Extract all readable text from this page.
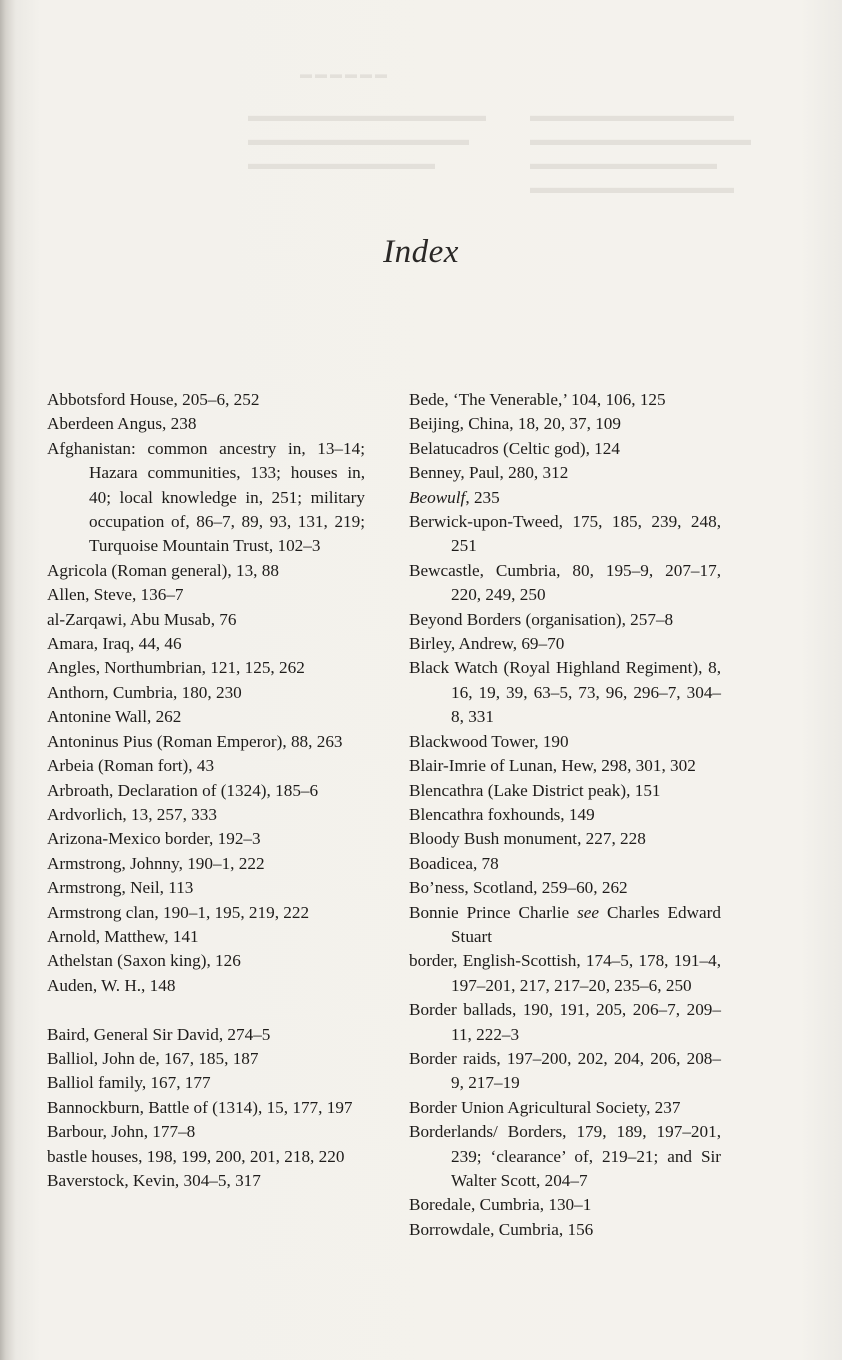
▬▬▬▬▬▬
▬▬▬▬▬▬▬▬▬▬▬▬▬▬
▬▬▬▬▬▬▬▬▬▬▬▬▬
▬▬▬▬▬▬▬▬▬▬▬
▬▬▬▬▬▬▬▬▬▬▬▬
▬▬▬▬▬▬▬▬▬▬▬▬▬
▬▬▬▬▬▬▬▬▬▬▬
▬▬▬▬▬▬▬▬▬▬▬▬
Index
Abbotsford House, 205–6, 252
Aberdeen Angus, 238
Afghanistan: common ancestry in, 13–14; Hazara communities, 133; houses in, 40; local knowledge in, 251; military occupation of, 86–7, 89, 93, 131, 219; Turquoise Mountain Trust, 102–3
Agricola (Roman general), 13, 88
Allen, Steve, 136–7
al-Zarqawi, Abu Musab, 76
Amara, Iraq, 44, 46
Angles, Northumbrian, 121, 125, 262
Anthorn, Cumbria, 180, 230
Antonine Wall, 262
Antoninus Pius (Roman Emperor), 88, 263
Arbeia (Roman fort), 43
Arbroath, Declaration of (1324), 185–6
Ardvorlich, 13, 257, 333
Arizona-Mexico border, 192–3
Armstrong, Johnny, 190–1, 222
Armstrong, Neil, 113
Armstrong clan, 190–1, 195, 219, 222
Arnold, Matthew, 141
Athelstan (Saxon king), 126
Auden, W. H., 148
Baird, General Sir David, 274–5
Balliol, John de, 167, 185, 187
Balliol family, 167, 177
Bannockburn, Battle of (1314), 15, 177, 197
Barbour, John, 177–8
bastle houses, 198, 199, 200, 201, 218, 220
Baverstock, Kevin, 304–5, 317
Bede, ‘The Venerable,’ 104, 106, 125
Beijing, China, 18, 20, 37, 109
Belatucadros (Celtic god), 124
Benney, Paul, 280, 312
Beowulf, 235
Berwick-upon-Tweed, 175, 185, 239, 248, 251
Bewcastle, Cumbria, 80, 195–9, 207–17, 220, 249, 250
Beyond Borders (organisation), 257–8
Birley, Andrew, 69–70
Black Watch (Royal Highland Regiment), 8, 16, 19, 39, 63–5, 73, 96, 296–7, 304–8, 331
Blackwood Tower, 190
Blair-Imrie of Lunan, Hew, 298, 301, 302
Blencathra (Lake District peak), 151
Blencathra foxhounds, 149
Bloody Bush monument, 227, 228
Boadicea, 78
Bo’ness, Scotland, 259–60, 262
Bonnie Prince Charlie see Charles Edward Stuart
border, English-Scottish, 174–5, 178, 191–4, 197–201, 217, 217–20, 235–6, 250
Border ballads, 190, 191, 205, 206–7, 209–11, 222–3
Border raids, 197–200, 202, 204, 206, 208–9, 217–19
Border Union Agricultural Society, 237
Borderlands/ Borders, 179, 189, 197–201, 239; ‘clearance’ of, 219–21; and Sir Walter Scott, 204–7
Boredale, Cumbria, 130–1
Borrowdale, Cumbria, 156
